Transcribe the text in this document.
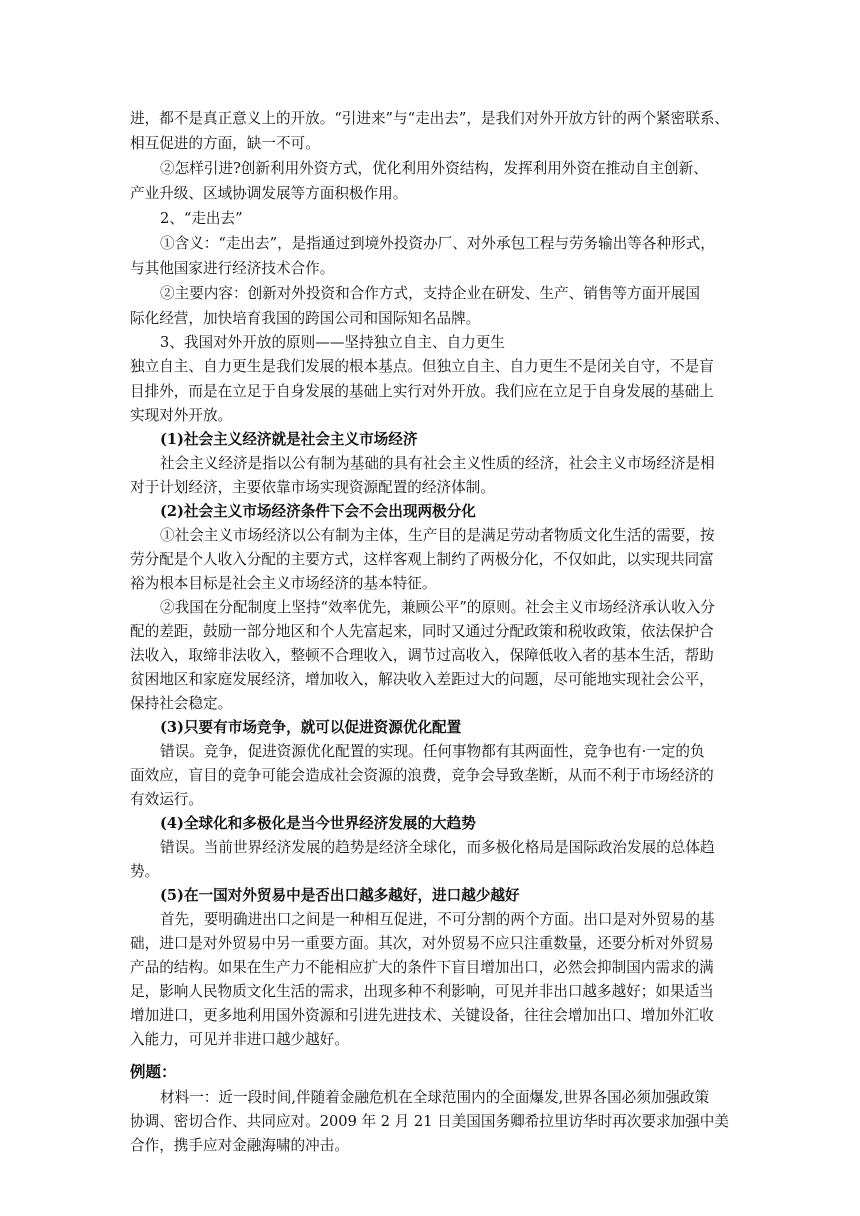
进，都不是真正意义上的开放。“引进来”与“走出去”，是我们对外开放方针的两个紧密联系、
相互促进的方面，缺一不可。
②怎样引进?创新利用外资方式，优化利用外资结构，发挥利用外资在推动自主创新、
产业升级、区域协调发展等方面积极作用。
2、“走出去”
①含义：“走出去”，是指通过到境外投资办厂、对外承包工程与劳务输出等各种形式，
与其他国家进行经济技术合作。
②主要内容：创新对外投资和合作方式，支持企业在研发、生产、销售等方面开展国
际化经营，加快培育我国的跨国公司和国际知名品牌。
3、我国对外开放的原则——坚持独立自主、自力更生
独立自主、自力更生是我们发展的根本基点。但独立自主、自力更生不是闭关自守，不是盲
目排外，而是在立足于自身发展的基础上实行对外开放。我们应在立足于自身发展的基础上
实现对外开放。
(1)社会主义经济就是社会主义市场经济
社会主义经济是指以公有制为基础的具有社会主义性质的经济，社会主义市场经济是相
对于计划经济，主要依靠市场实现资源配置的经济体制。
(2)社会主义市场经济条件下会不会出现两极分化
①社会主义市场经济以公有制为主体，生产目的是满足劳动者物质文化生活的需要，按
劳分配是个人收入分配的主要方式，这样客观上制约了两极分化，不仅如此，以实现共同富
裕为根本目标是社会主义市场经济的基本特征。
②我国在分配制度上坚持“效率优先，兼顾公平”的原则。社会主义市场经济承认收入分
配的差距，鼓励一部分地区和个人先富起来，同时又通过分配政策和税收政策，依法保护合
法收入，取缔非法收入，整顿不合理收入，调节过高收入，保障低收入者的基本生活，帮助
贫困地区和家庭发展经济，增加收入，解决收入差距过大的问题，尽可能地实现社会公平，
保持社会稳定。
(3)只要有市场竞争，就可以促进资源优化配置
错误。竞争，促进资源优化配置的实现。任何事物都有其两面性，竞争也有·一定的负
面效应，盲目的竞争可能会造成社会资源的浪费，竞争会导致垄断，从而不利于市场经济的
有效运行。
(4)全球化和多极化是当今世界经济发展的大趋势
错误。当前世界经济发展的趋势是经济全球化，而多极化格局是国际政治发展的总体趋
势。
(5)在一国对外贸易中是否出口越多越好，进口越少越好
首先，要明确进出口之间是一种相互促进，不可分割的两个方面。出口是对外贸易的基
础，进口是对外贸易中另一重要方面。其次，对外贸易不应只注重数量，还要分析对外贸易
产品的结构。如果在生产力不能相应扩大的条件下盲目增加出口，必然会抑制国内需求的满
足，影响人民物质文化生活的需求，出现多种不利影响，可见并非出口越多越好；如果适当
增加进口，更多地利用国外资源和引进先进技术、关键设备，往往会增加出口、增加外汇收
入能力，可见并非进口越少越好。
例题：
材料一：近一段时间,伴随着金融危机在全球范围内的全面爆发,世界各国必须加强政策
协调、密切合作、共同应对。2009 年 2 月 21 日美国国务卿希拉里访华时再次要求加强中美
合作，携手应对金融海啸的冲击。
